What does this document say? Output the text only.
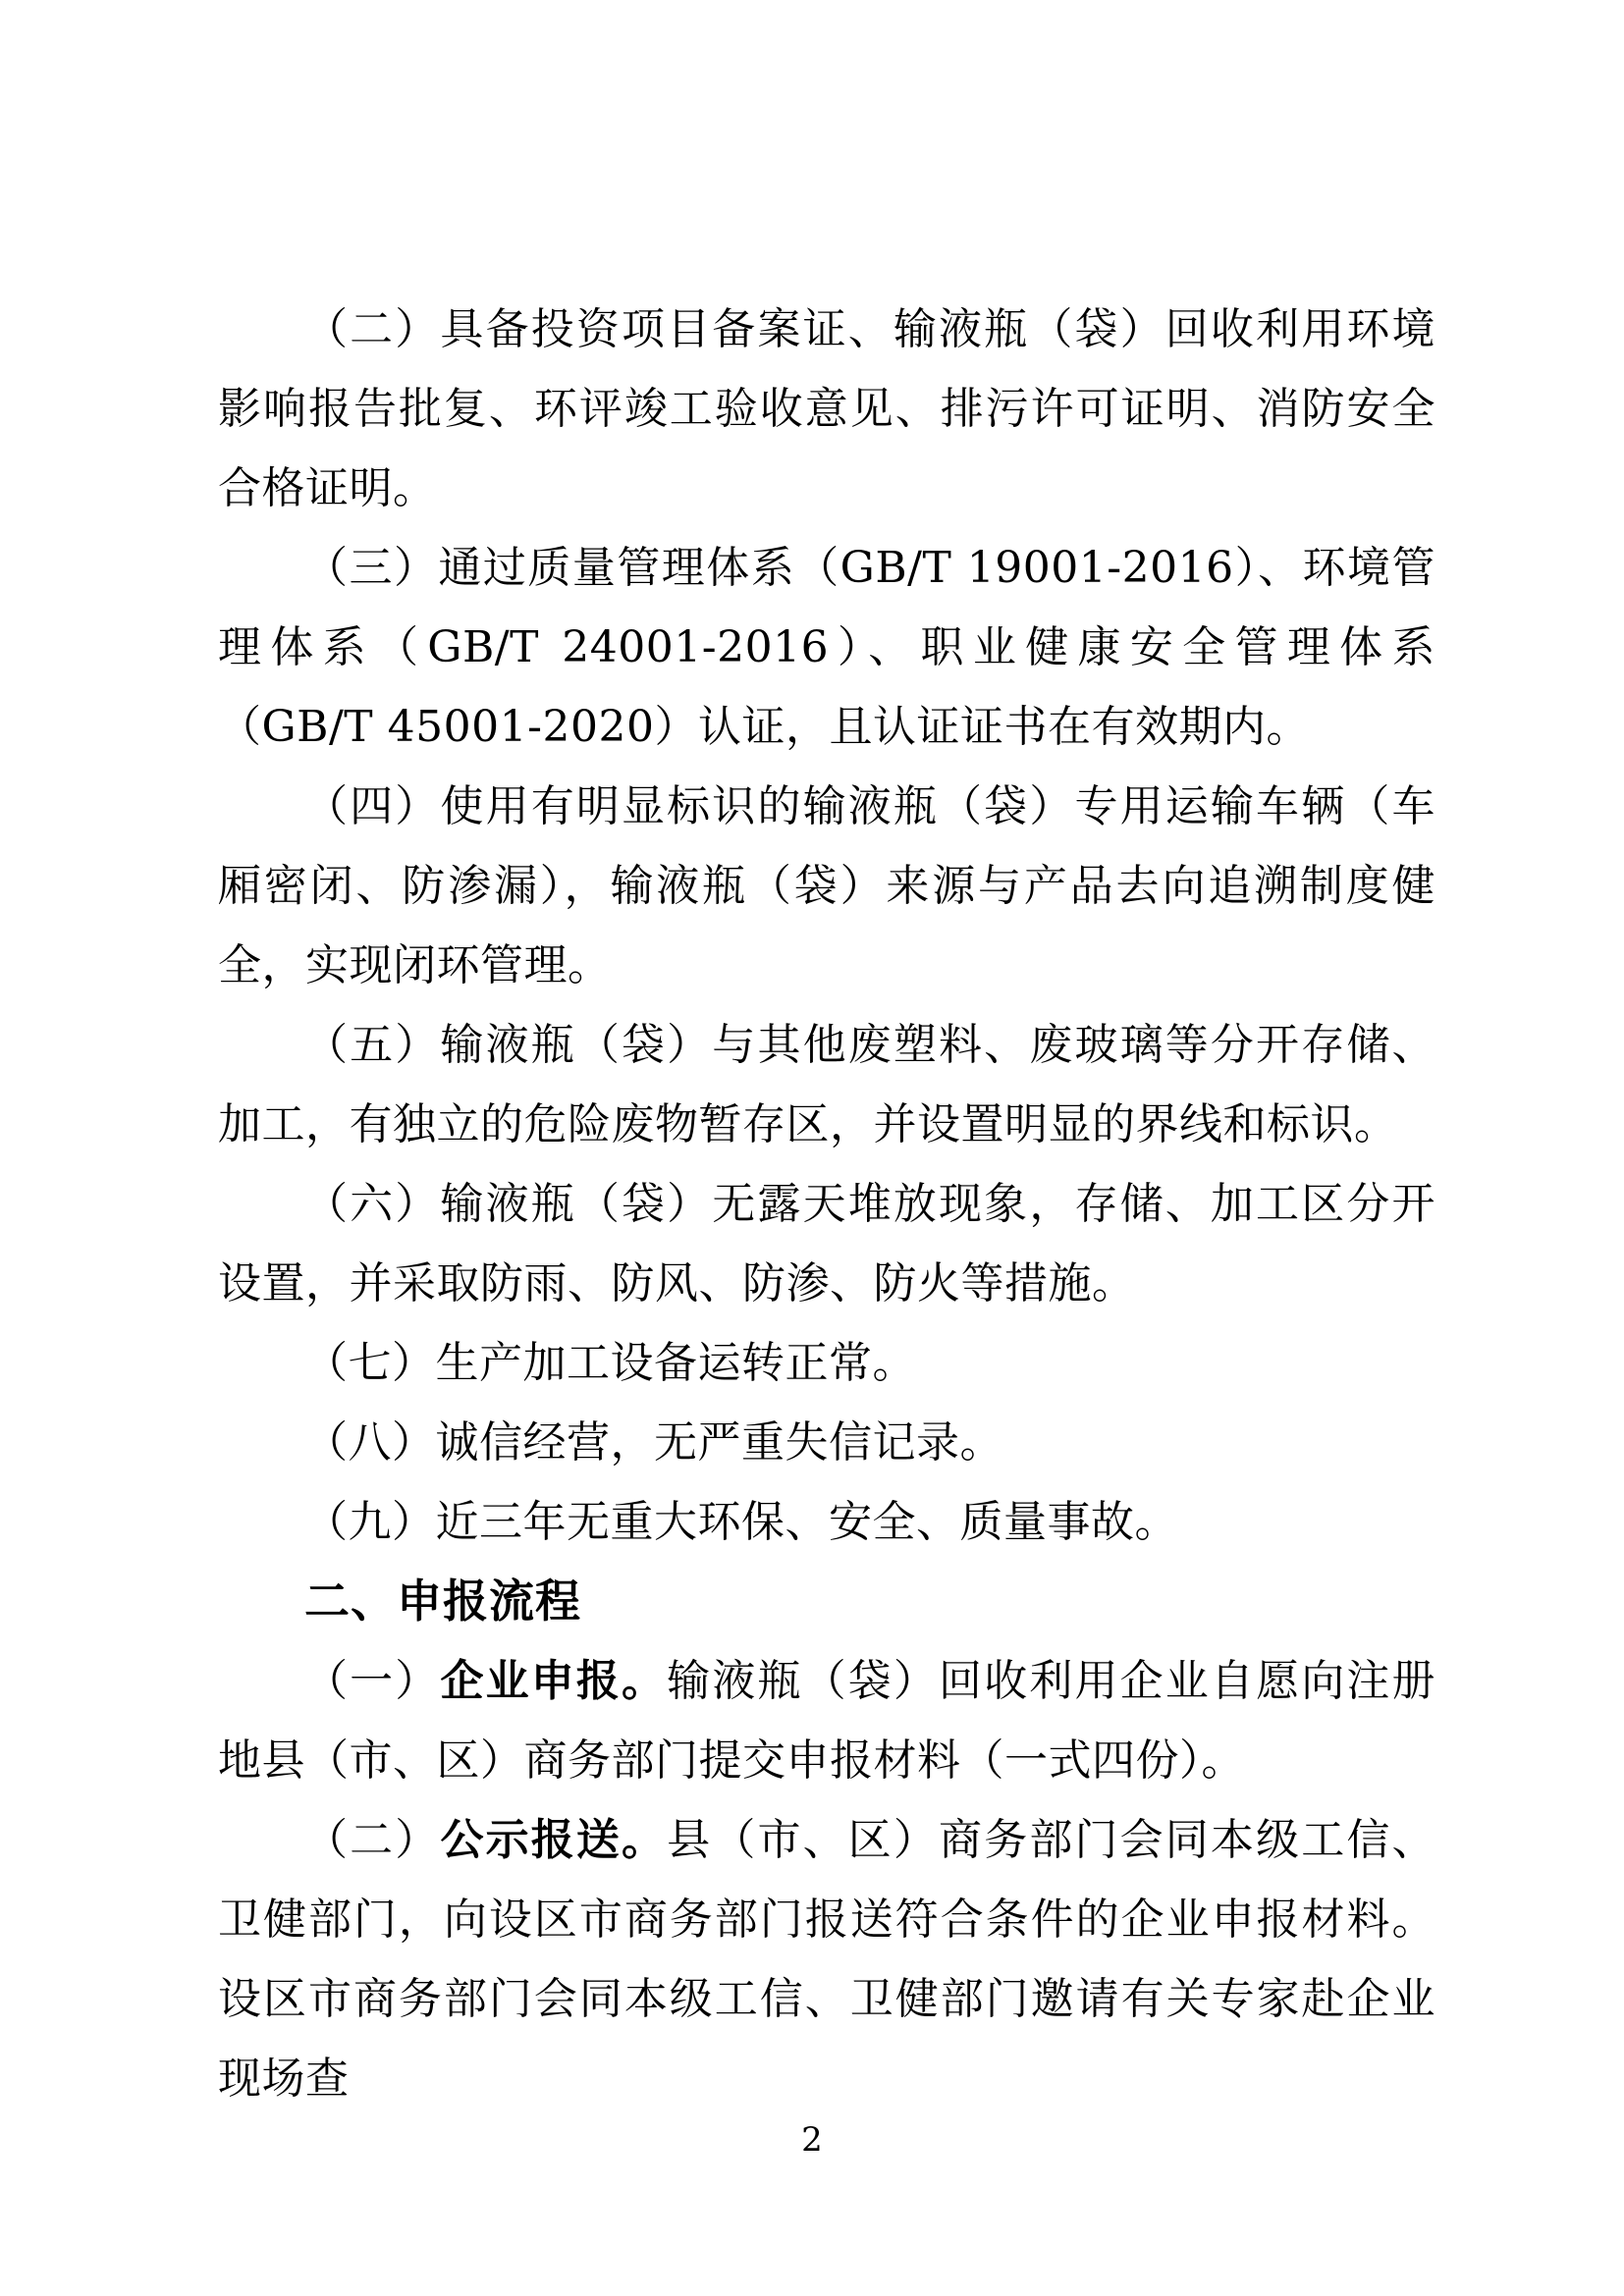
（二）具备投资项目备案证、输液瓶（袋）回收利用环境影响报告批复、环评竣工验收意见、排污许可证明、消防安全合格证明。

（三）通过质量管理体系（GB/T 19001-2016）、环境管理体系（GB/T 24001-2016）、职业健康安全管理体系（GB/T 45001-2020）认证，且认证证书在有效期内。

（四）使用有明显标识的输液瓶（袋）专用运输车辆（车厢密闭、防渗漏），输液瓶（袋）来源与产品去向追溯制度健全，实现闭环管理。

（五）输液瓶（袋）与其他废塑料、废玻璃等分开存储、加工，有独立的危险废物暂存区，并设置明显的界线和标识。

（六）输液瓶（袋）无露天堆放现象，存储、加工区分开设置，并采取防雨、防风、防渗、防火等措施。

（七）生产加工设备运转正常。

（八）诚信经营，无严重失信记录。

（九）近三年无重大环保、安全、质量事故。

二、申报流程

（一）企业申报。输液瓶（袋）回收利用企业自愿向注册地县（市、区）商务部门提交申报材料（一式四份）。

（二）公示报送。县（市、区）商务部门会同本级工信、卫健部门，向设区市商务部门报送符合条件的企业申报材料。设区市商务部门会同本级工信、卫健部门邀请有关专家赴企业现场查

2
